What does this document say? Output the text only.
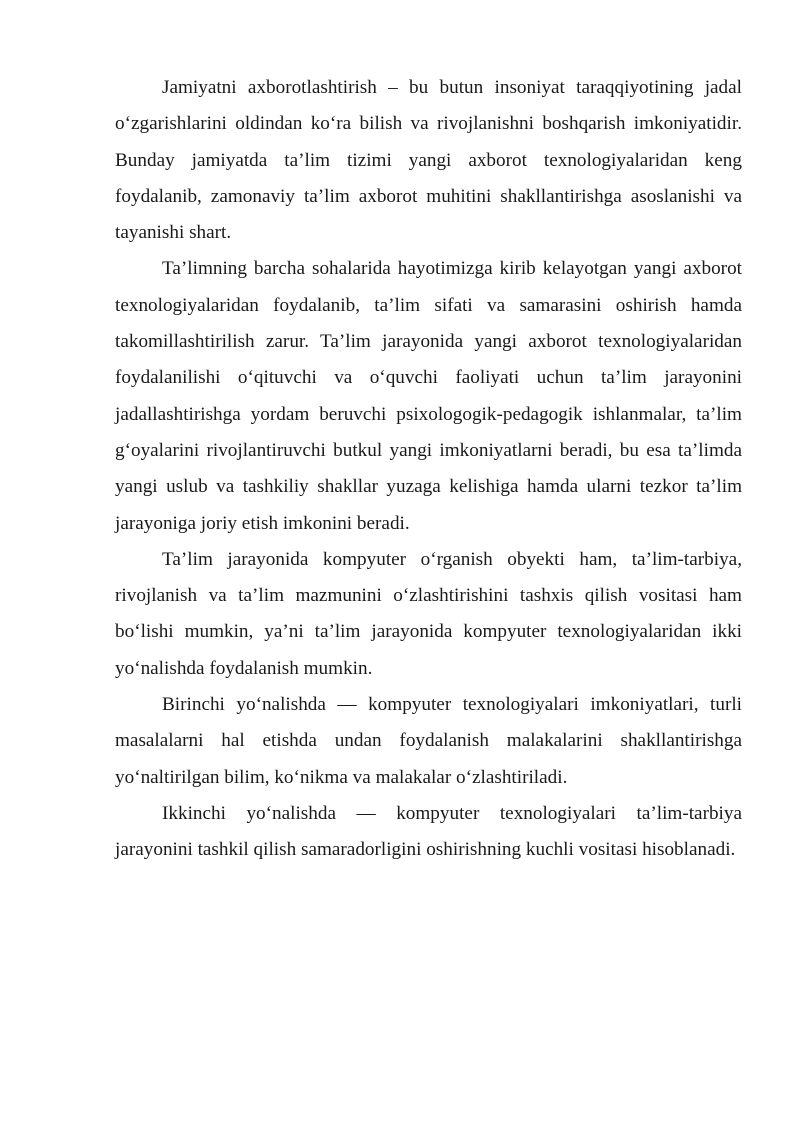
Jamiyatni axborotlashtirish – bu butun insoniyat taraqqiyotining jadal o‘zgarishlarini oldindan ko‘ra bilish va rivojlanishni boshqarish imkoniyatidir. Bunday jamiyatda ta’lim tizimi yangi axborot texnologiyalaridan keng foydalanib, zamonaviy ta’lim axborot muhitini shakllantirishga asoslanishi va tayanishi shart.

Ta’limning barcha sohalarida hayotimizga kirib kelayotgan yangi axborot texnologiyalaridan foydalanib, ta’lim sifati va samarasini oshirish hamda takomillashtirilish zarur. Ta’lim jarayonida yangi axborot texnologiyalaridan foydalanilishi o‘qituvchi va o‘quvchi faoliyati uchun ta’lim jarayonini jadallashtirishga yordam beruvchi psixologogik-pedagogik ishlanmalar, ta’lim g‘oyalarini rivojlantiruvchi butkul yangi imkoniyatlarni beradi, bu esa ta’limda yangi uslub va tashkiliy shakllar yuzaga kelishiga hamda ularni tezkor ta’lim jarayoniga joriy etish imkonini beradi.

Ta’lim jarayonida kompyuter o‘rganish obyekti ham, ta’lim-tarbiya, rivojlanish va ta’lim mazmunini o‘zlashtirishini tashxis qilish vositasi ham bo‘lishi mumkin, ya’ni ta’lim jarayonida kompyuter texnologiyalaridan ikki yo‘nalishda foydalanish mumkin.

Birinchi yo‘nalishda — kompyuter texnologiyalari imkoniyatlari, turli masalalarni hal etishda undan foydalanish malakalarini shakllantirishga yo‘naltirilgan bilim, ko‘nikma va malakalar o‘zlashtiriladi.

Ikkinchi yo‘nalishda — kompyuter texnologiyalari ta’lim-tarbiya jarayonini tashkil qilish samaradorligini oshirishning kuchli vositasi hisoblanadi.
